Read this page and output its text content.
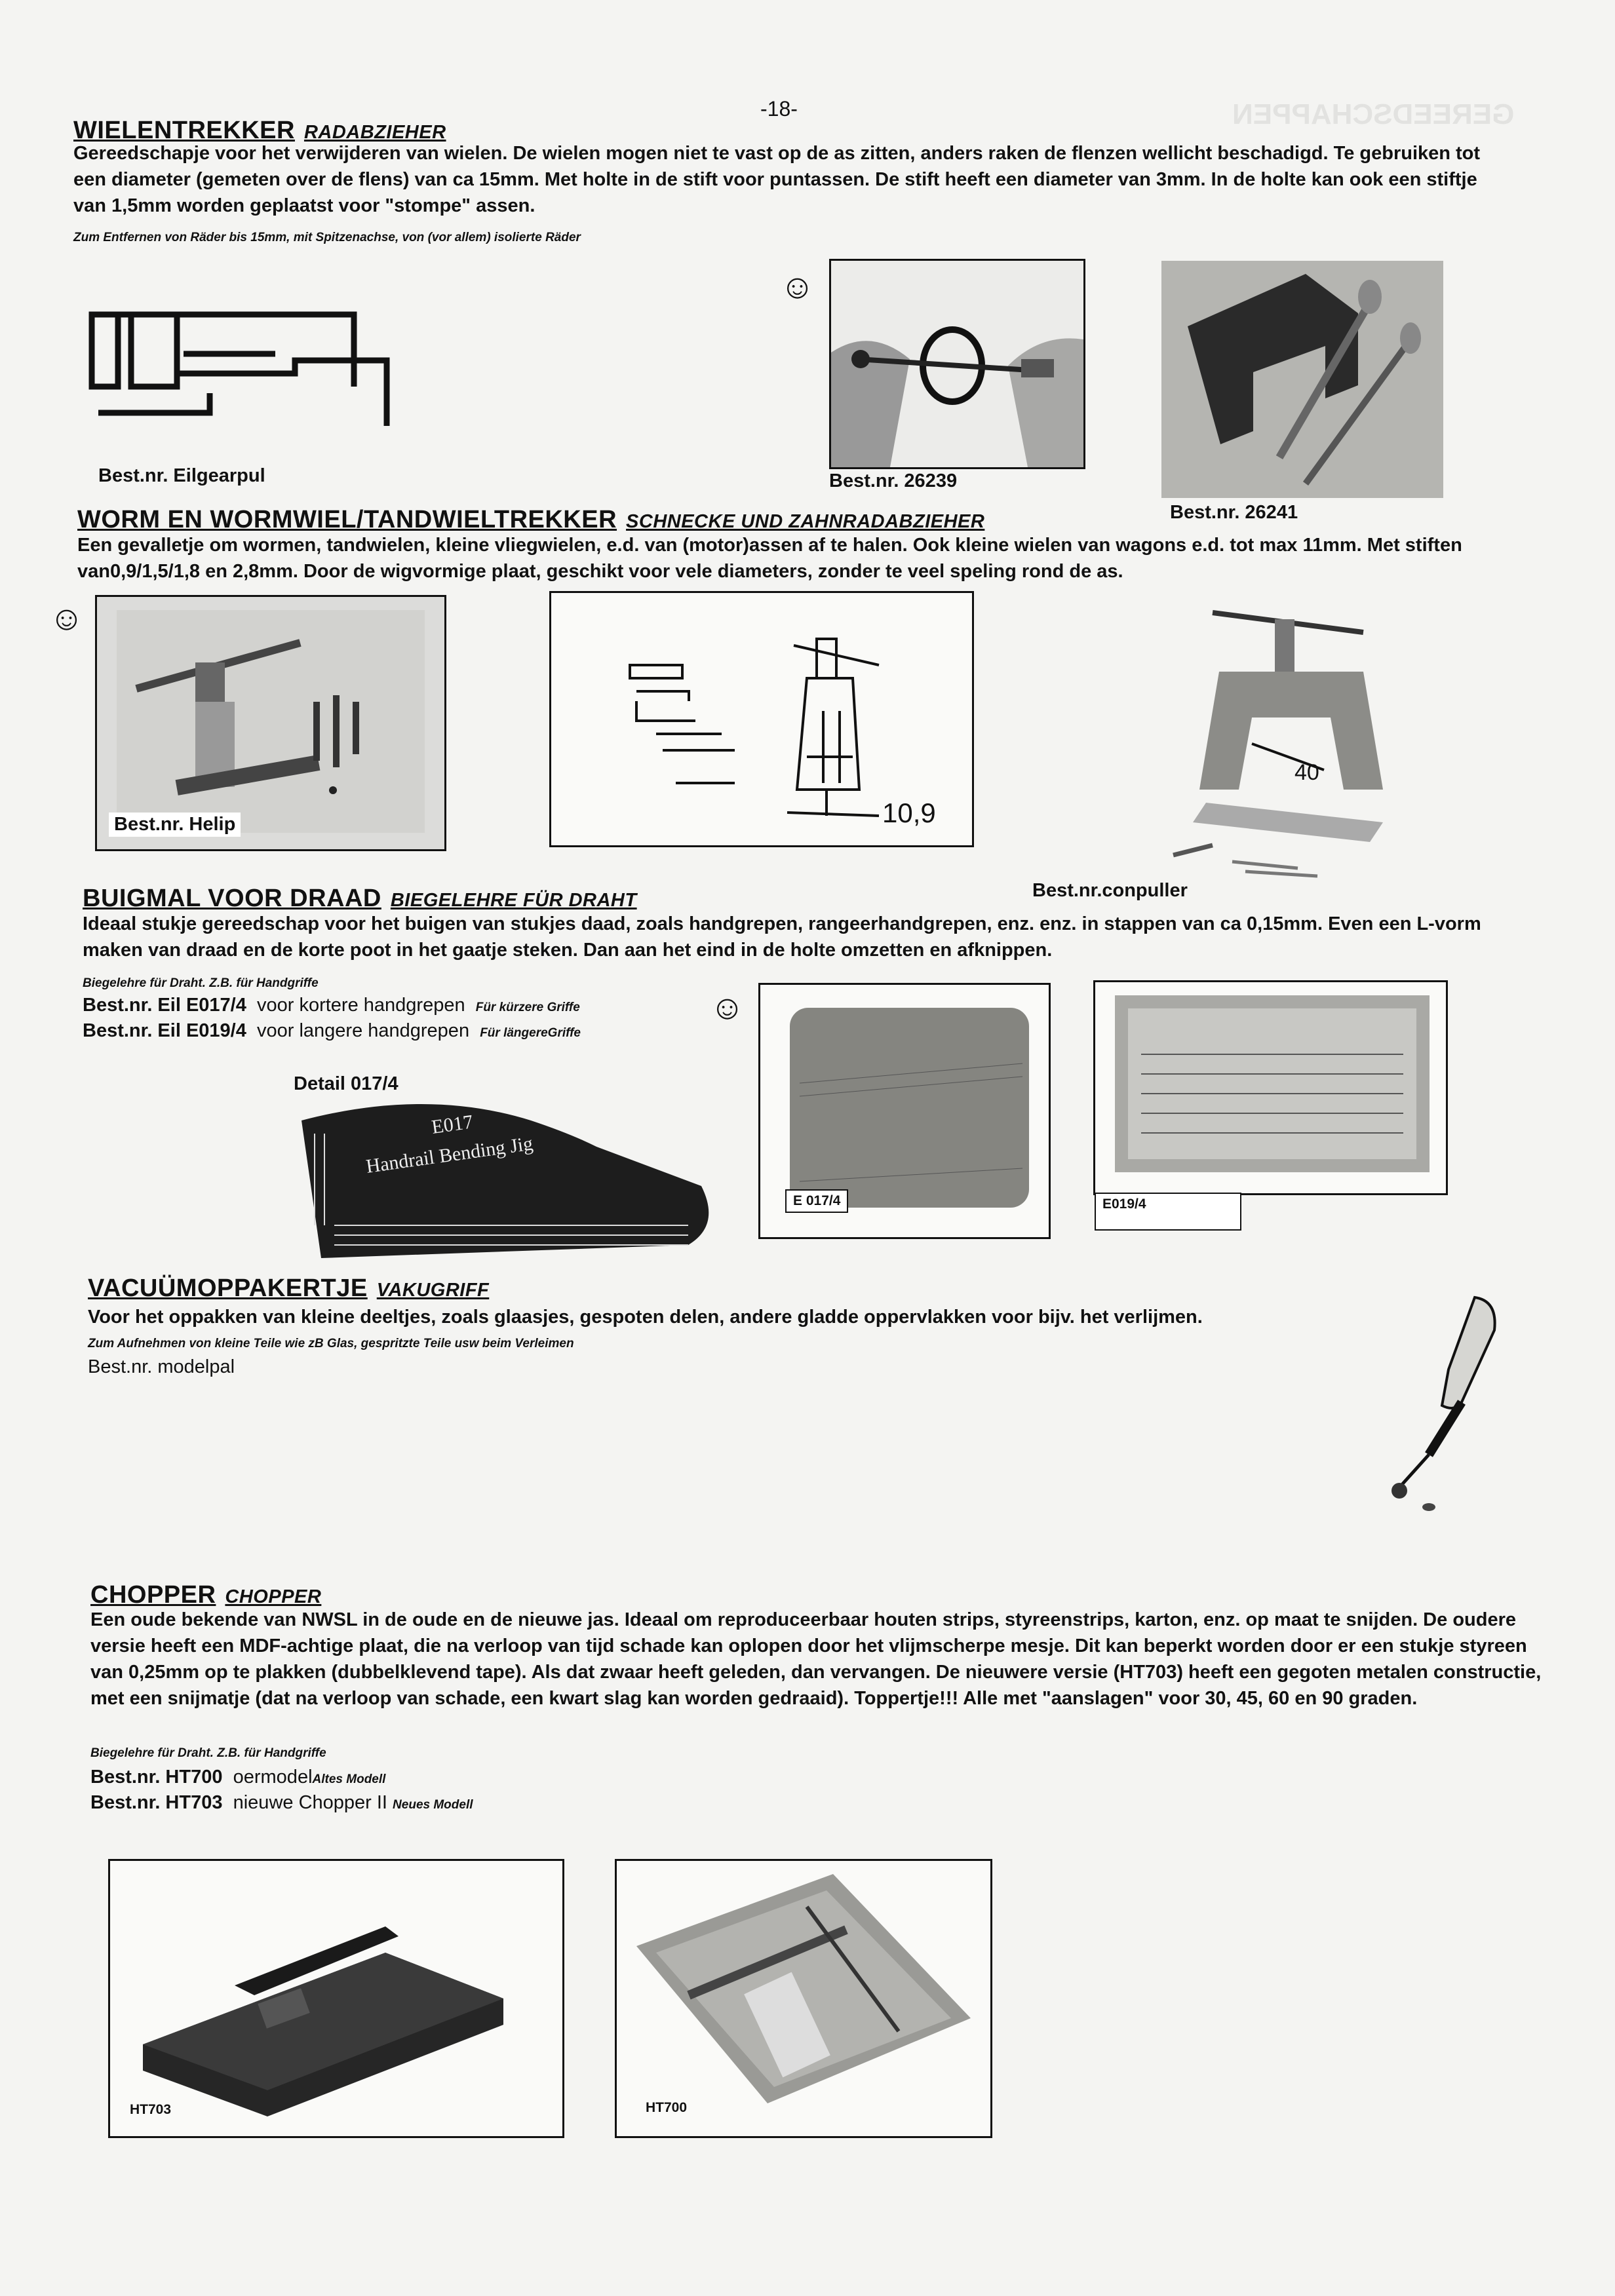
GEREEDSCHAPPEN
-18-
WIELENTREKKER RADABZIEHER
Gereedschapje voor het verwijderen van wielen. De wielen mogen niet te vast op de as zitten, anders raken de flenzen wellicht beschadigd. Te gebruiken tot een diameter (gemeten over de flens) van ca 15mm. Met holte in de stift voor puntassen. De stift heeft een diameter van 3mm. In de holte kan ook een stiftje van 1,5mm worden geplaatst voor "stompe" assen.
Zum Entfernen von Räder bis 15mm, mit Spitzenachse, von (vor allem) isolierte Räder
Best.nr. Eilgearpul
☺
Best.nr. 26239
Best.nr. 26241
WORM EN WORMWIEL/TANDWIELTREKKER SCHNECKE UND ZAHNRADABZIEHER
Een gevalletje om wormen, tandwielen, kleine vliegwielen, e.d. van (motor)assen af te halen. Ook kleine wielen van wagons e.d. tot max 11mm. Met stiften van0,9/1,5/1,8 en 2,8mm. Door de wigvormige plaat, geschikt voor vele diameters, zonder te veel speling rond de as.
☺
Best.nr. Helip	10,9
40
Best.nr.conpuller
BUIGMAL VOOR DRAAD BIEGELEHRE FÜR DRAHT
Ideaal stukje gereedschap voor het buigen van stukjes daad, zoals handgrepen, rangeerhandgrepen, enz. enz. in stappen van ca 0,15mm. Even een L-vorm maken van draad en de korte poot in het gaatje steken. Dan aan het eind in de holte omzetten en afknippen.
Biegelehre für Draht. Z.B. für Handgriffe
Best.nr. Eil E017/4 voor kortere handgrepen Für kürzere Griffe
Best.nr. Eil E019/4 voor langere handgrepen Für längereGriffe
Detail 017/4
E017
Handrail Bending Jig
☺
E 017/4	E019/4
VACUÜMOPPAKERTJE VAKUGRIFF
Voor het oppakken van kleine deeltjes, zoals glaasjes, gespoten delen, andere gladde oppervlakken voor bijv. het verlijmen.
Zum Aufnehmen von kleine Teile wie zB Glas, gespritzte Teile usw beim Verleimen
Best.nr. modelpal
CHOPPER CHOPPER
Een oude bekende van NWSL in de oude en de nieuwe jas. Ideaal om reproduceerbaar houten strips, styreenstrips, karton, enz. op maat te snijden. De oudere versie heeft een MDF-achtige plaat, die na verloop van tijd schade kan oplopen door het vlijmscherpe mesje. Dit kan beperkt worden door er een stukje styreen van 0,25mm op te plakken (dubbelklevend tape). Als dat zwaar heeft geleden, dan vervangen. De nieuwere versie (HT703) heeft een gegoten metalen constructie, met een snijmatje (dat na verloop van schade, een kwart slag kan worden gedraaid). Toppertje!!! Alle met "aanslagen" voor 30, 45, 60 en 90 graden.
Biegelehre für Draht. Z.B. für Handgriffe
Best.nr. HT700 oermodelAltes Modell
Best.nr. HT703 nieuwe Chopper II Neues Modell
HT703	HT700
